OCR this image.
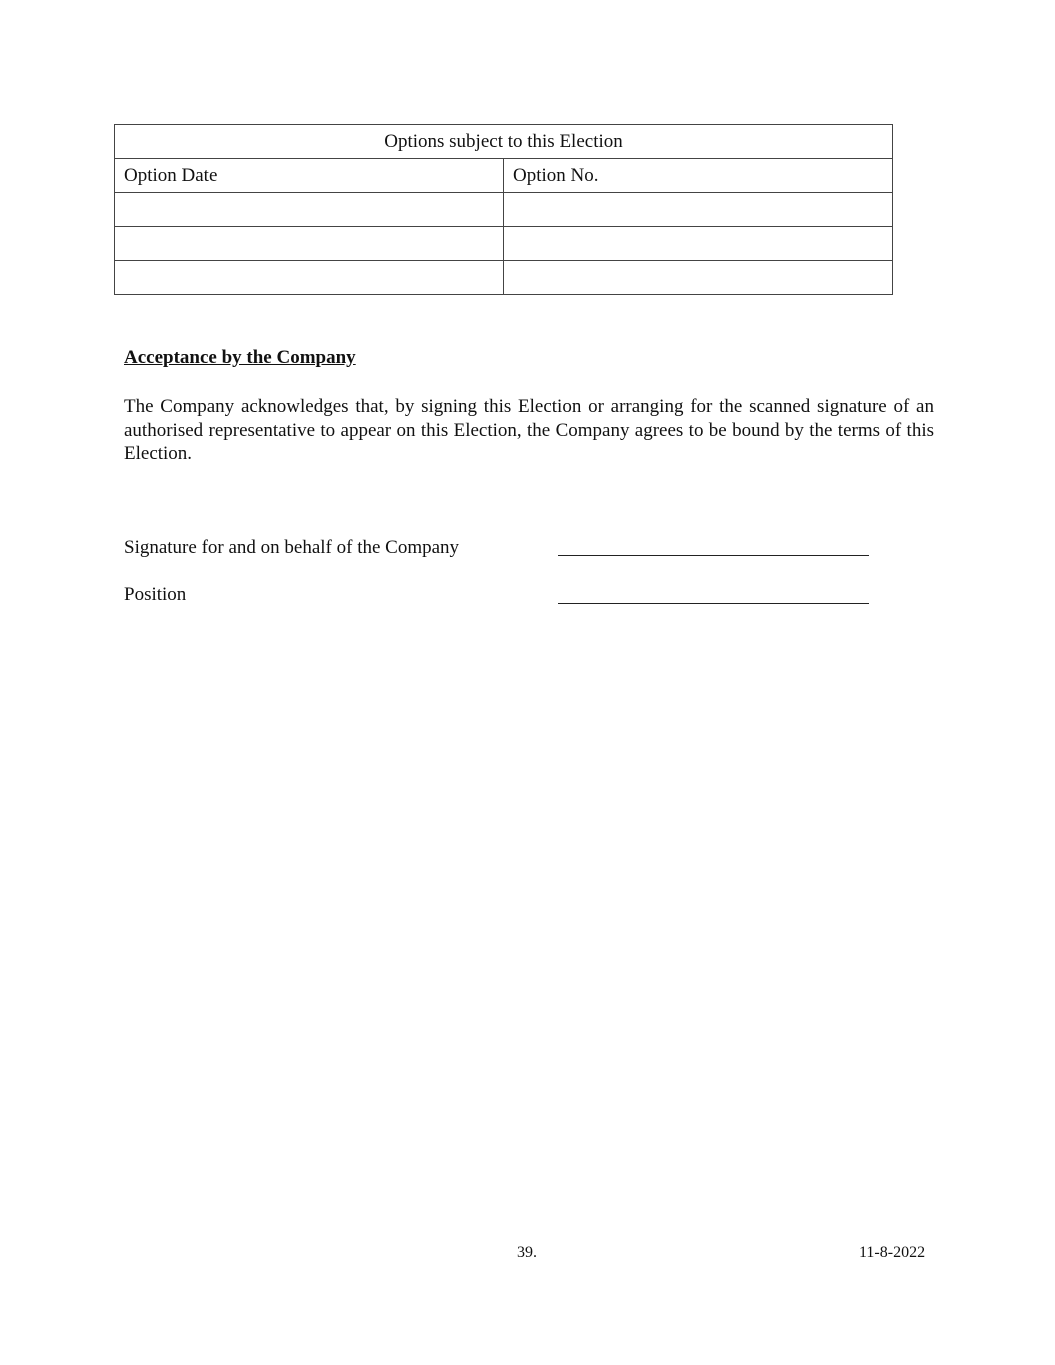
Options subject to this Election	
Option Date	Option No.

Acceptance by the Company

The Company acknowledges that, by signing this Election or arranging for the scanned signature of an authorised representative to appear on this Election, the Company agrees to be bound by the terms of this Election.

Signature for and on behalf of the Company

Position

39.	11-8-2022
